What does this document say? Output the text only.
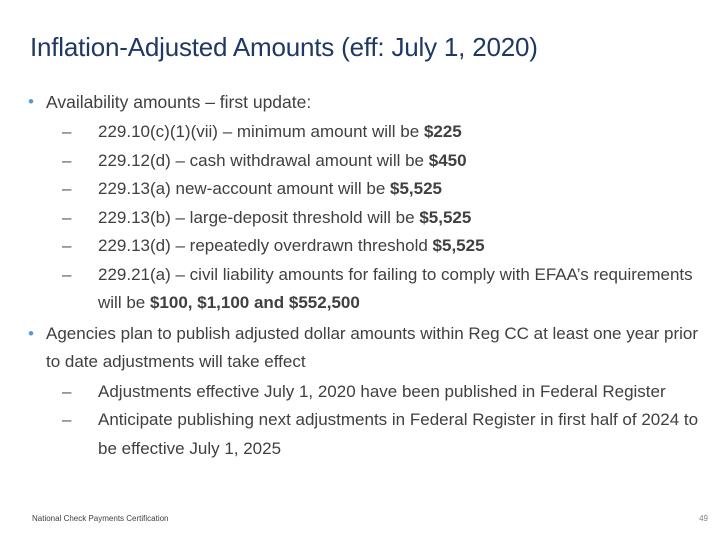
Inflation-Adjusted Amounts (eff: July 1, 2020)
• Availability amounts – first update:
– 229.10(c)(1)(vii) – minimum amount will be $225
– 229.12(d) – cash withdrawal amount will be $450
– 229.13(a) new-account amount will be $5,525
– 229.13(b) – large-deposit threshold will be $5,525
– 229.13(d) – repeatedly overdrawn threshold $5,525
– 229.21(a) – civil liability amounts for failing to comply with EFAA’s requirements will be $100, $1,100 and $552,500
• Agencies plan to publish adjusted dollar amounts within Reg CC at least one year prior to date adjustments will take effect
– Adjustments effective July 1, 2020 have been published in Federal Register
– Anticipate publishing next adjustments in Federal Register in first half of 2024 to be effective July 1, 2025
National Check Payments Certification	49
